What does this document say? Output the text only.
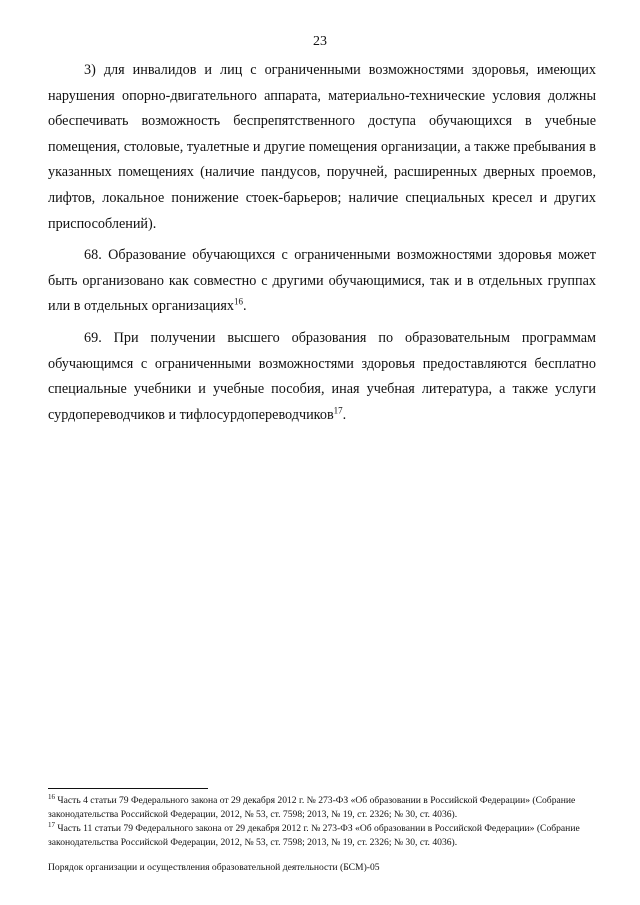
23

3) для инвалидов и лиц с ограниченными возможностями здоровья, имеющих нарушения опорно-двигательного аппарата, материально-технические условия должны обеспечивать возможность беспрепятственного доступа обучающихся в учебные помещения, столовые, туалетные и другие помещения организации, а также пребывания в указанных помещениях (наличие пандусов, поручней, расширенных дверных проемов, лифтов, локальное понижение стоек-барьеров; наличие специальных кресел и других приспособлений).

68. Образование обучающихся с ограниченными возможностями здоровья может быть организовано как совместно с другими обучающимися, так и в отдельных группах или в отдельных организациях$^{16}$.

69. При получении высшего образования по образовательным программам обучающимся с ограниченными возможностями здоровья предоставляются бесплатно специальные учебники и учебные пособия, иная учебная литература, а также услуги сурдопереводчиков и тифлосурдопереводчиков$^{17}$.

$^{16}$ Часть 4 статьи 79 Федерального закона от 29 декабря 2012 г. № 273-ФЗ «Об образовании в Российской Федерации» (Собрание законодательства Российской Федерации, 2012, № 53, ст. 7598; 2013, № 19, ст. 2326; № 30, ст. 4036).

$^{17}$ Часть 11 статьи 79 Федерального закона от 29 декабря 2012 г. № 273-ФЗ «Об образовании в Российской Федерации» (Собрание законодательства Российской Федерации, 2012, № 53, ст. 7598; 2013, № 19, ст. 2326; № 30, ст. 4036).

Порядок организации и осуществления образовательной деятельности (БСМ)-05
